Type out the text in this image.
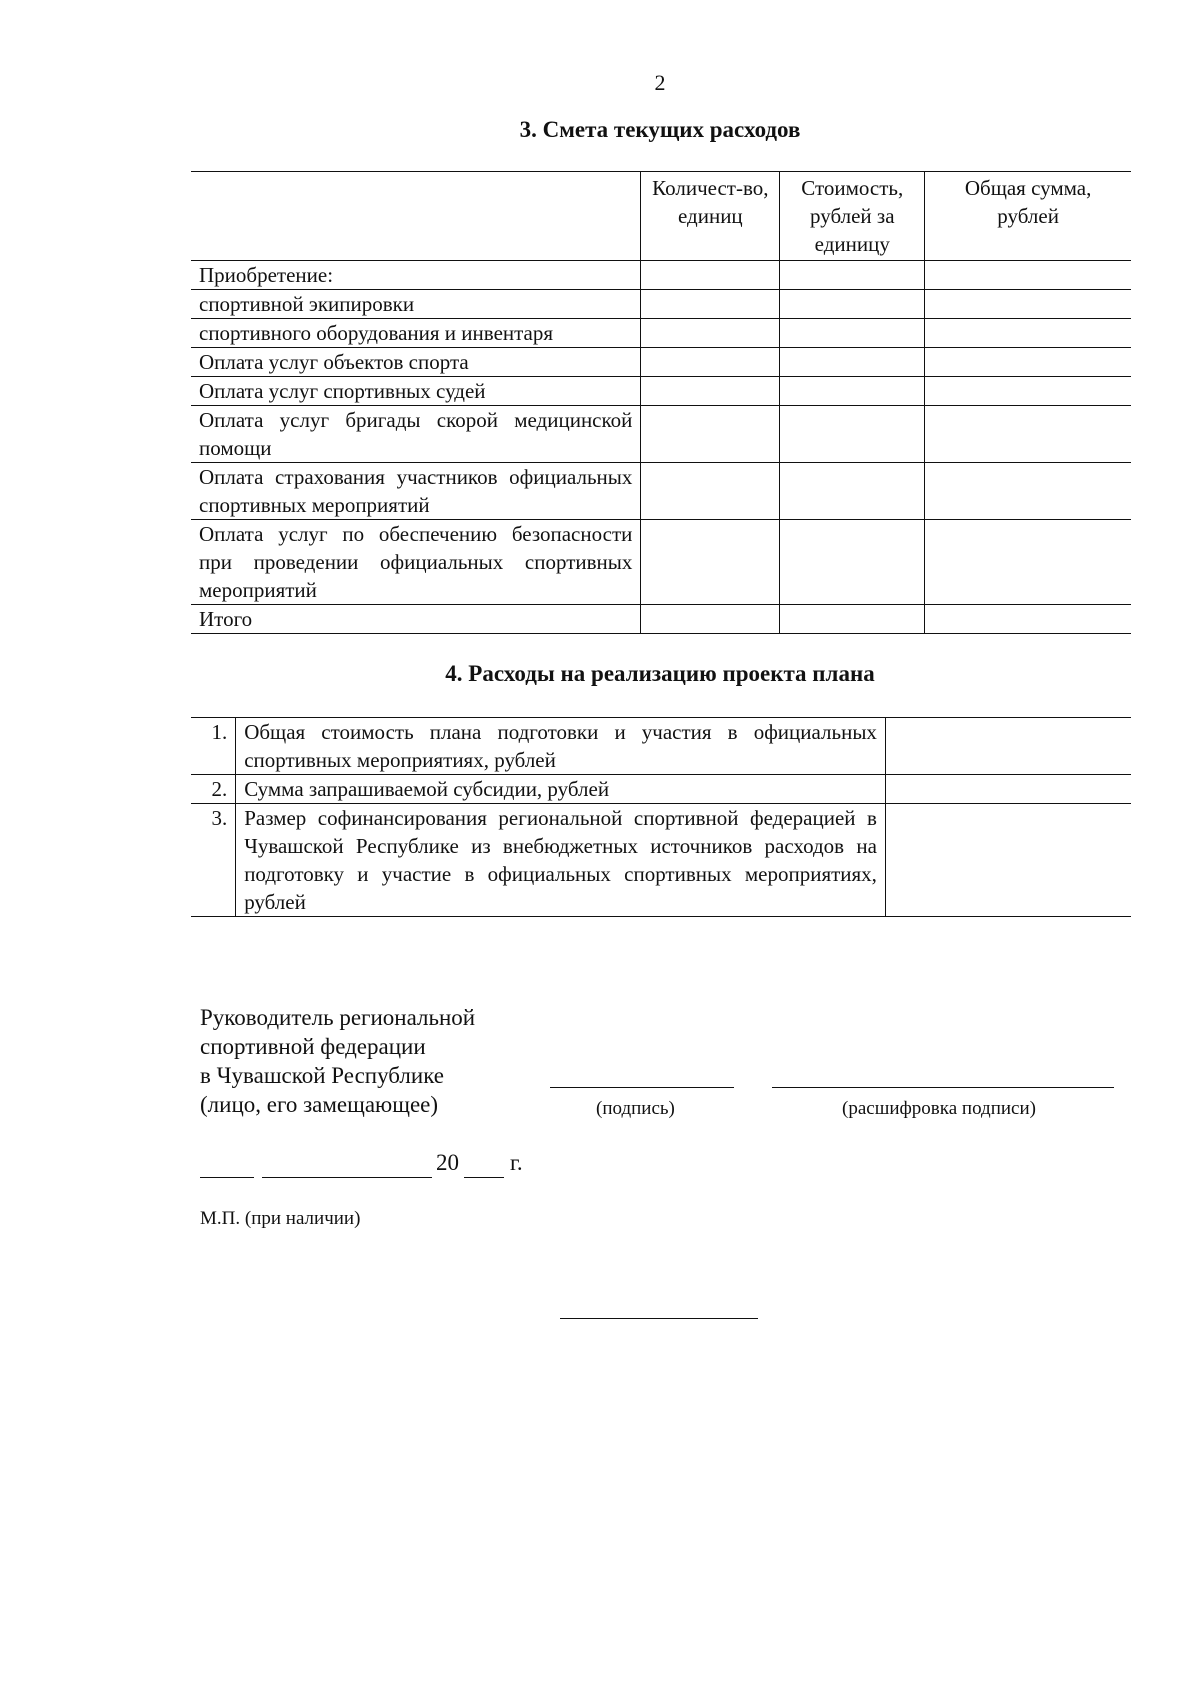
2
3. Смета текущих расходов
	Количест-во, единиц	Стоимость, рублей за единицу	Общая сумма, рублей
Приобретение:			
спортивной экипировки			
спортивного оборудования и инвентаря			
Оплата услуг объектов спорта			
Оплата услуг спортивных судей			
Оплата услуг бригады скорой медицинской помощи			
Оплата страхования участников официальных спортивных мероприятий			
Оплата услуг по обеспечению безопасности при проведении официальных спортивных мероприятий			
Итого			
4. Расходы на реализацию проекта плана
1.	Общая стоимость плана подготовки и участия в официальных спортивных мероприятиях, рублей	
2.	Сумма запрашиваемой субсидии, рублей	
3.	Размер софинансирования региональной спортивной федерацией в Чувашской Республике из внебюджетных источников расходов на подготовку и участие в официальных спортивных мероприятиях, рублей	
Руководитель региональной
спортивной федерации
в Чувашской Республике
(лицо, его замещающее)	(подпись)	(расшифровка подписи)
20 г.
М.П. (при наличии)
